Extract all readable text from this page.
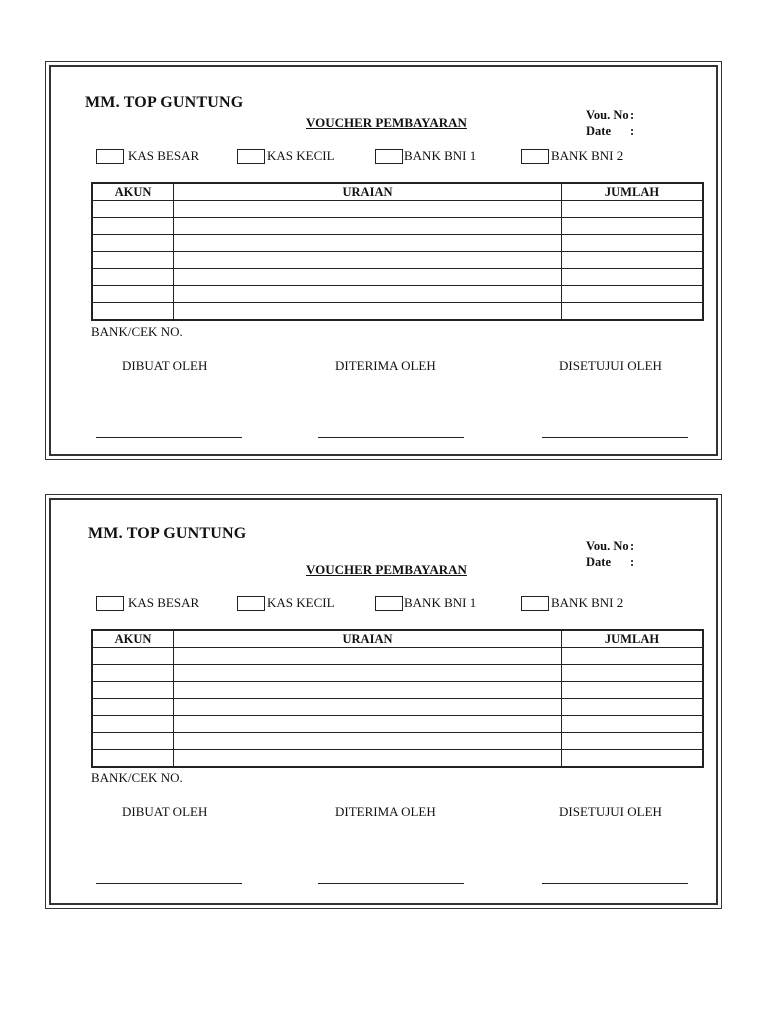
MM. TOP GUNTUNG
VOUCHER PEMBAYARAN	Vou. No :
Date	:
KAS BESAR	KAS KECIL	BANK BNI 1	BANK BNI 2
AKUN	URAIAN	JUMLAH

BANK/CEK NO.
DIBUAT OLEH	DITERIMA OLEH	DISETUJUI OLEH
MM. TOP GUNTUNG
VOUCHER PEMBAYARAN
Vou. No :
Date	:
KAS BESAR	KAS KECIL	BANK BNI 1	BANK BNI 2
AKUN	URAIAN	JUMLAH

BANK/CEK NO.
DIBUAT OLEH	DITERIMA OLEH	DISETUJUI OLEH
